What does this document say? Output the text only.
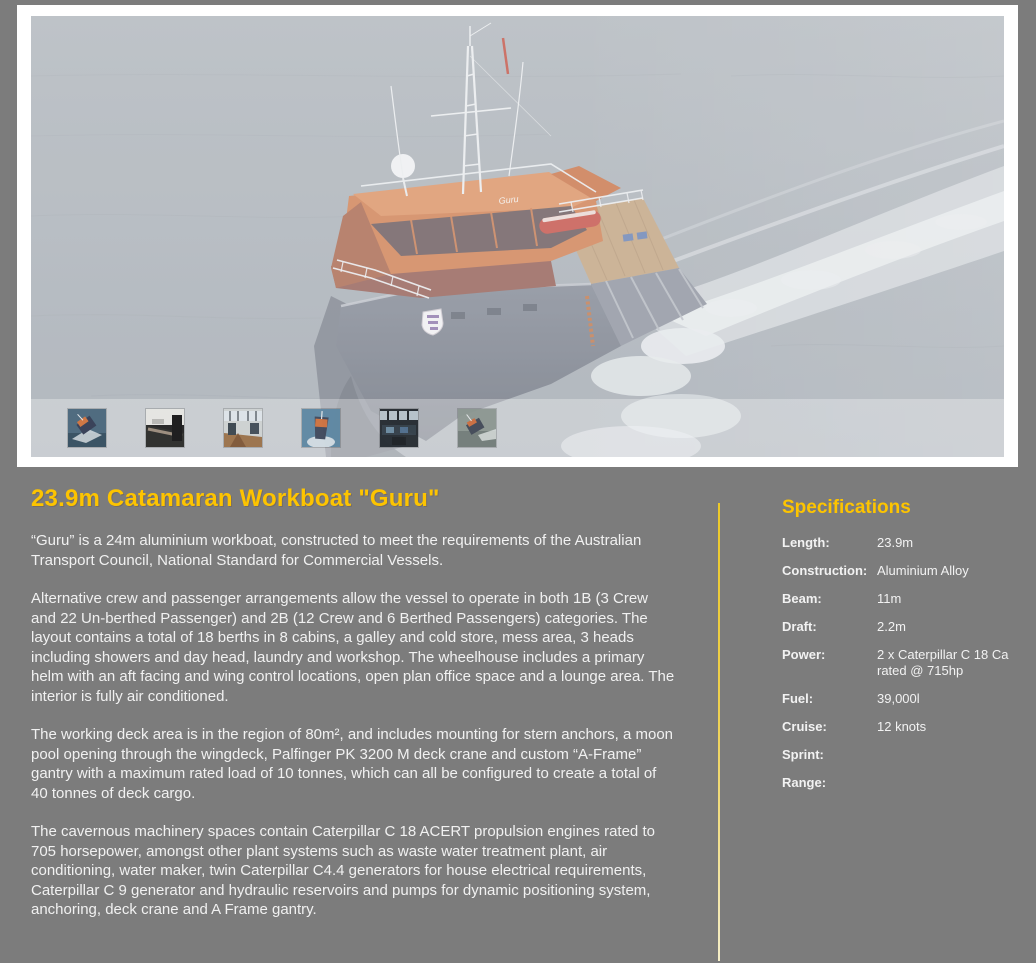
Guru
23.9m Catamaran Workboat "Guru"

“Guru” is a 24m aluminium workboat, constructed to meet the requirements of the Australian Transport Council, National Standard for Commercial Vessels.

Alternative crew and passenger arrangements allow the vessel to operate in both 1B (3 Crew and 22 Un-berthed Passenger) and 2B (12 Crew and 6 Berthed Passengers) categories. The layout contains a total of 18 berths in 8 cabins, a galley and cold store, mess area, 3 heads including showers and day head, laundry and workshop. The wheelhouse includes a primary helm with an aft facing and wing control locations, open plan office space and a lounge area. The interior is fully air conditioned.

The working deck area is in the region of 80m², and includes mounting for stern anchors, a moon pool opening through the wingdeck, Palfinger PK 3200 M deck crane and custom “A-Frame” gantry with a maximum rated load of 10 tonnes, which can all be configured to create a total of 40 tonnes of deck cargo.

The cavernous machinery spaces contain Caterpillar C 18 ACERT propulsion engines rated to 705 horsepower, amongst other plant systems such as waste water treatment plant, air conditioning, water maker, twin Caterpillar C4.4 generators for house electrical requirements, Caterpillar C 9 generator and hydraulic reservoirs and pumps for dynamic positioning system, anchoring, deck crane and A Frame gantry.

Specifications
Length:	23.9m
Construction: Aluminium Alloy
Beam:	11m
Draft:	2.2m
Power:	2 x Caterpillar C 18 Ca rated @ 715hp
Fuel:	39,000l
Cruise:	12 knots
Sprint:
Range:
